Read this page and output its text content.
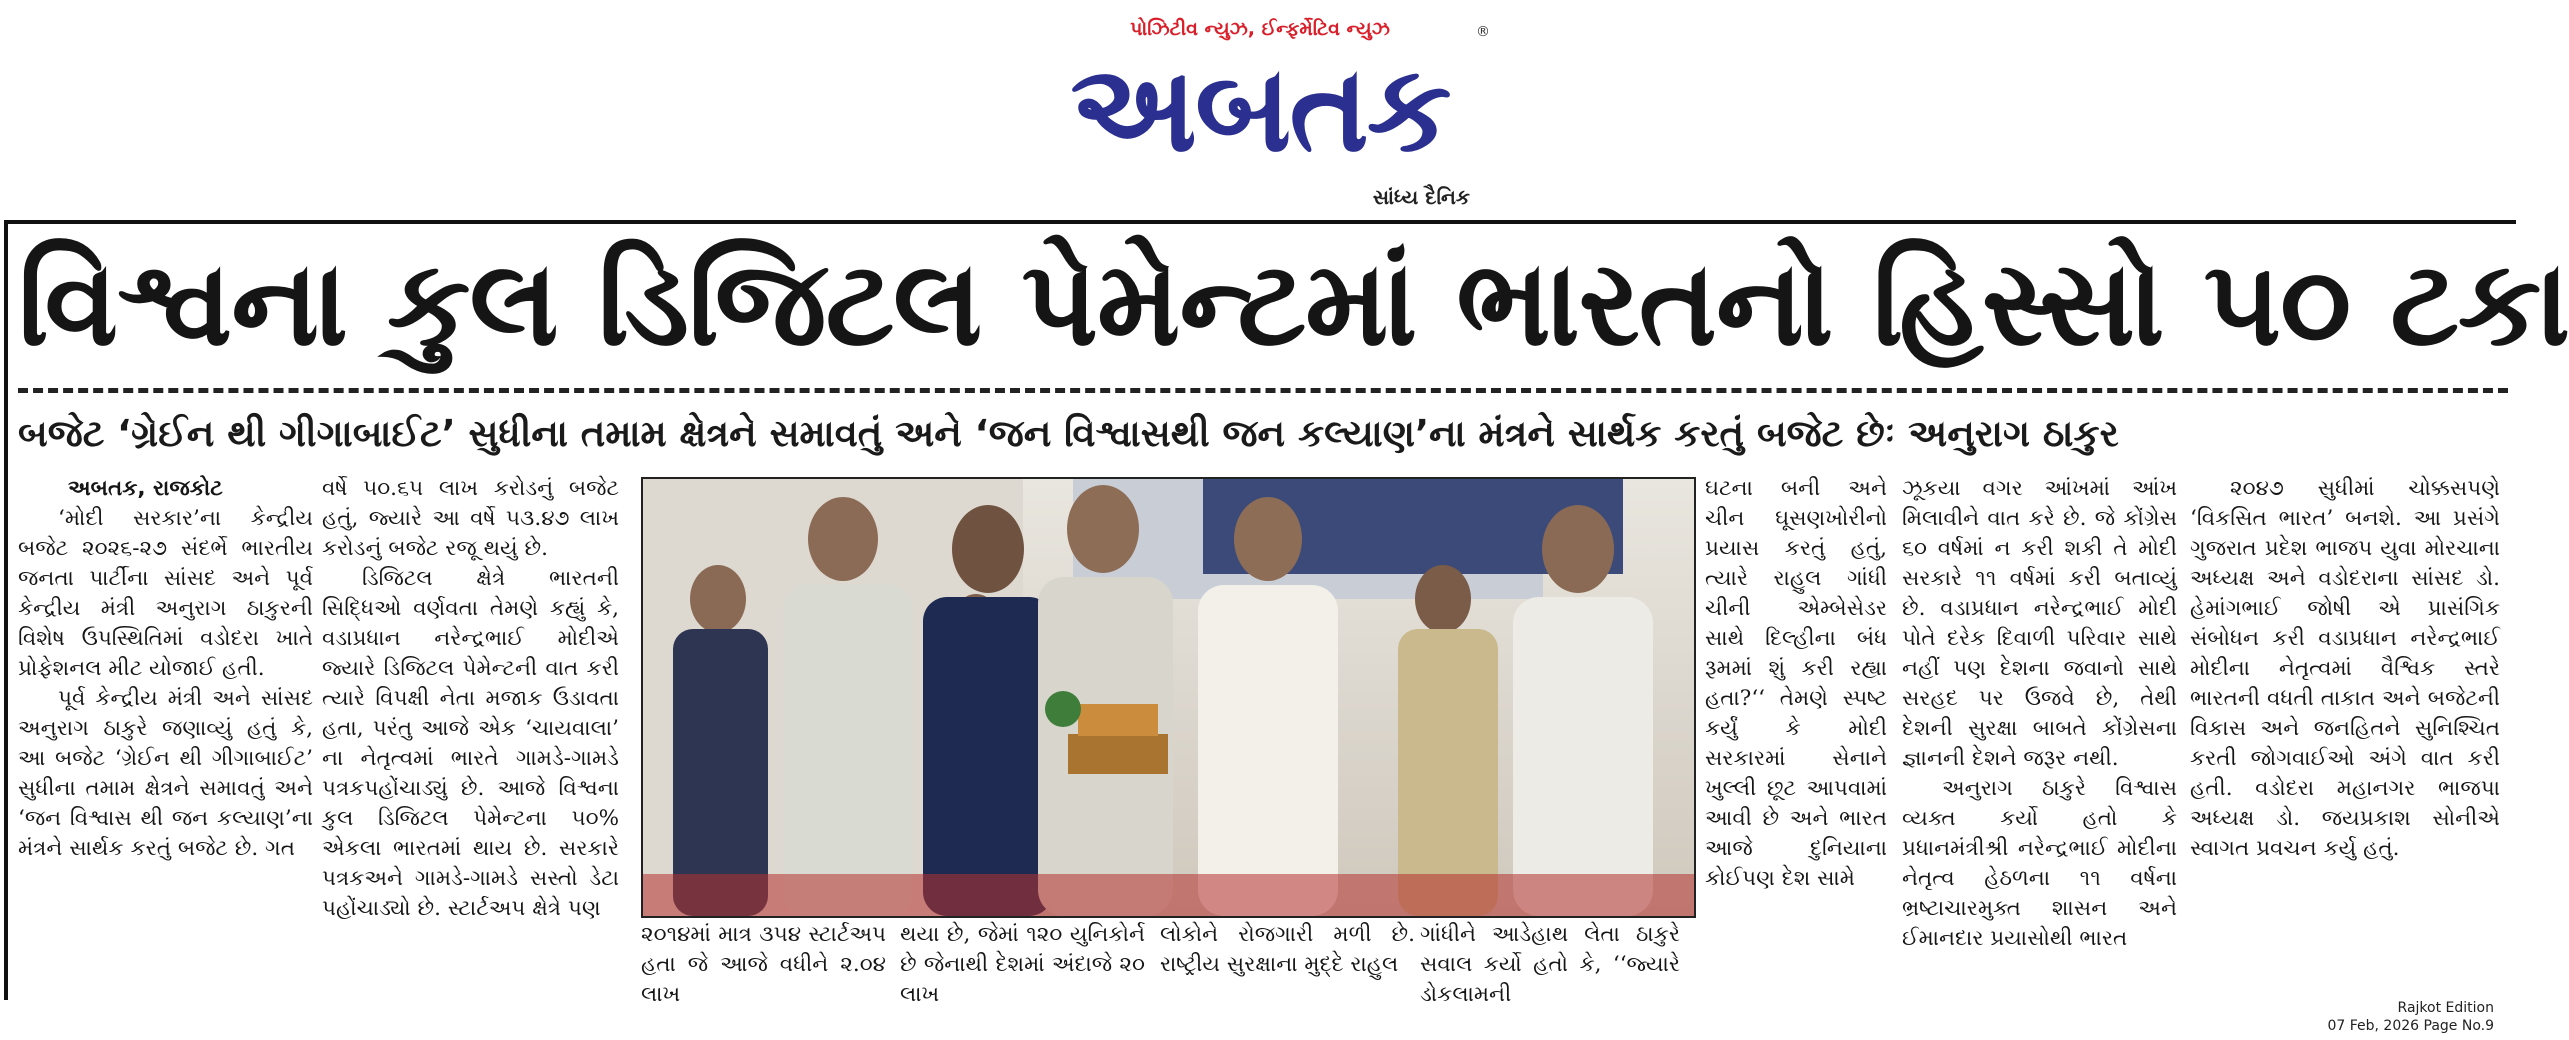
પોઝિટીવ ન્યુઝ, ઈન્ફર્મેટિવ ન્યુઝ	®
અબતક
સાંધ્ય દૈનિક
વિશ્વના કુલ ડિજિટલ પેમેન્ટમાં ભારતનો હિસ્સો ૫૦ ટકા
બજેટ ‘ગ્રેઈન થી ગીગાબાઈટ’ સુધીના તમામ ક્ષેત્રને સમાવતું અને ‘જન વિશ્વાસથી જન કલ્યાણ’ના મંત્રને સાર્થક કરતું બજેટ છેઃ અનુરાગ ઠાકુર

અબતક, રાજકોટ

‘મોદી સરકાર’ના કેન્દ્રીય બજેટ ૨૦૨૬-૨૭ સંદર્ભે ભારતીય જનતા પાર્ટીના સાંસદ અને પૂર્વ કેન્દ્રીય મંત્રી અનુરાગ ઠાકુરની વિશેષ ઉપસ્થિતિમાં વડોદરા ખાતે પ્રોફેશનલ મીટ યોજાઈ હતી.

પૂર્વ કેન્દ્રીય મંત્રી અને સાંસદ અનુરાગ ઠાકુરે જણાવ્યું હતું કે, આ બજેટ ‘ગ્રેઈન થી ગીગાબાઈટ’ સુધીના તમામ ક્ષેત્રને સમાવતું અને ‘જન વિશ્વાસ થી જન કલ્યાણ’ના મંત્રને સાર્થક કરતું બજેટ છે. ગત

વર્ષે ૫૦.૬૫ લાખ કરોડનું બજેટ હતું, જ્યારે આ વર્ષે ૫૩.૪૭ લાખ કરોડનું બજેટ રજૂ થયું છે.

ડિજિટલ ક્ષેત્રે ભારતની સિદ્ધિઓ વર્ણવતા તેમણે કહ્યું કે, વડાપ્રધાન નરેન્દ્રભાઈ મોદીએ જ્યારે ડિજિટલ પેમેન્ટની વાત કરી ત્યારે વિપક્ષી નેતા મજાક ઉડાવતા હતા, પરંતુ આજે એક ‘ચાયવાલા’ ના નેતૃત્વમાં ભારતે ગામડે-ગામડે પત્રકપહોંચાડ્યું છે. આજે વિશ્વના કુલ ડિજિટલ પેમેન્ટના ૫૦% એકલા ભારતમાં થાય છે. સરકારે પત્રકઅને ગામડે-ગામડે સસ્તો ડેટા પહોંચાડ્યો છે. સ્ટાર્ટઅપ ક્ષેત્રે પણ

૨૦૧૪માં માત્ર ૩૫૪ સ્ટાર્ટઅપ હતા જે આજે વધીને ૨.૦૪ લાખ

થયા છે, જેમાં ૧૨૦ યુનિકોર્ન છે જેનાથી દેશમાં અંદાજે ૨૦ લાખ

લોકોને રોજગારી મળી છે. રાષ્ટ્રીય સુરક્ષાના મુદ્દે રાહુલ

ગાંધીને આડેહાથ લેતા ઠાકુરે સવાલ કર્યો હતો કે, ‘‘જ્યારે ડોકલામની

ઘટના બની અને ચીન ઘૂસણખોરીનો પ્રયાસ કરતું હતું, ત્યારે રાહુલ ગાંધી ચીની એમ્બેસેડર સાથે દિલ્હીના બંધ રૂમમાં શું કરી રહ્યા હતા?‘‘ તેમણે સ્પષ્ટ કર્યું કે મોદી સરકારમાં સેનાને ખુલ્લી છૂટ આપવામાં આવી છે અને ભારત આજે દુનિયાના કોઈપણ દેશ સામે

ઝૂકયા વગર આંખમાં આંખ મિલાવીને વાત કરે છે. જે કોંગ્રેસ ૬૦ વર્ષમાં ન કરી શકી તે મોદી સરકારે ૧૧ વર્ષમાં કરી બતાવ્યું છે. વડાપ્રધાન નરેન્દ્રભાઈ મોદી પોતે દરેક દિવાળી પરિવાર સાથે નહીં પણ દેશના જવાનો સાથે સરહદ પર ઉજવે છે, તેથી દેશની સુરક્ષા બાબતે કોંગ્રેસના જ્ઞાનની દેશને જરૂર નથી.

અનુરાગ ઠાકુરે વિશ્વાસ વ્યક્ત કર્યો હતો કે પ્રધાનમંત્રીશ્રી નરેન્દ્રભાઈ મોદીના નેતૃત્વ હેઠળના ૧૧ વર્ષના ભ્રષ્ટાચારમુક્ત શાસન અને ઈમાનદાર પ્રયાસોથી ભારત

૨૦૪૭ સુધીમાં ચોક્કસપણે ‘વિકસિત ભારત’ બનશે. આ પ્રસંગે ગુજરાત પ્રદેશ ભાજપ યુવા મોરચાના અધ્યક્ષ અને વડોદરાના સાંસદ ડો. હેમાંગભાઈ જોષી એ પ્રાસંગિક સંબોધન કરી વડાપ્રધાન નરેન્દ્રભાઈ મોદીના નેતૃત્વમાં વૈશ્વિક સ્તરે ભારતની વધતી તાકાત અને બજેટની વિકાસ અને જનહિતને સુનિશ્ચિત કરતી જોગવાઈઓ અંગે વાત કરી હતી. વડોદરા મહાનગર ભાજપા અધ્યક્ષ ડો. જયપ્રકાશ સોનીએ સ્વાગત પ્રવચન કર્યુ હતું.

Rajkot Edition
07 Feb, 2026 Page No.9
